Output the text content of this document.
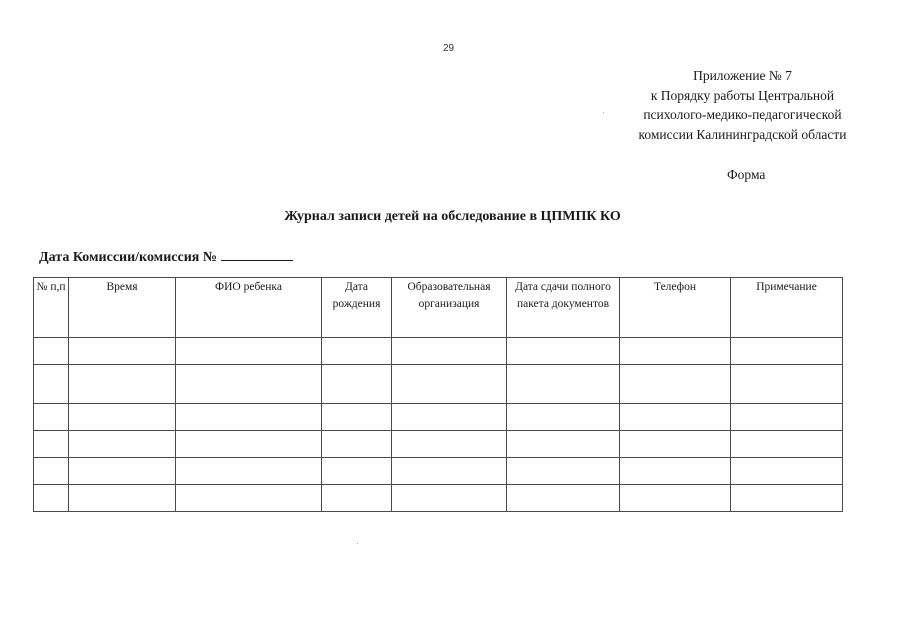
29
Приложение № 7
к Порядку работы Центральной
психолого-медико-педагогической
комиссии Калининградской области
Форма
Журнал записи детей на обследование в ЦПМПК КО
Дата Комиссии/комиссия №
№ п,п	Время	ФИО ребенка	Дата рождения	Образовательная организация	Дата сдачи полного пакета документов	Телефон	Примечание
